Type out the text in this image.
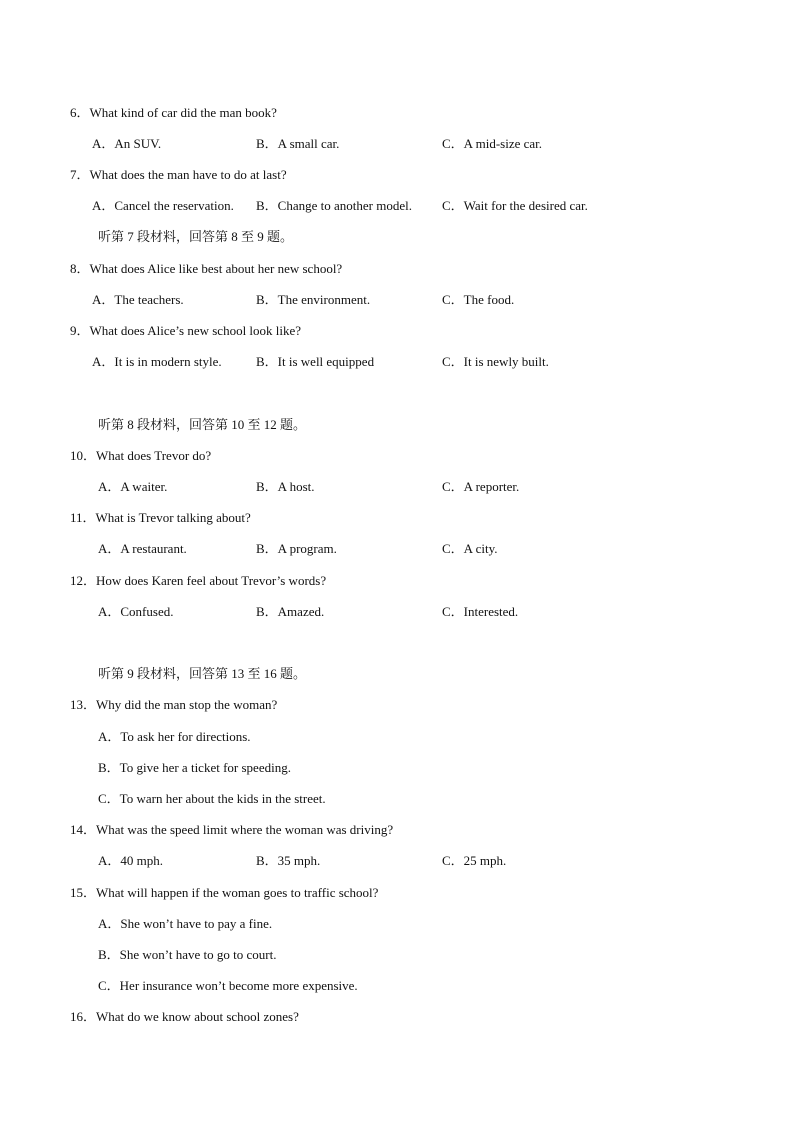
6．What kind of car did the man book?
A．An SUV.	B．A small car.	C．A mid-size car.
7．What does the man have to do at last?
A．Cancel the reservation. B．Change to another model. C．Wait for the desired car.
听第 7 段材料，回答第 8 至 9 题。
8．What does Alice like best about her new school?
A．The teachers.	B．The environment.	C．The food.
9．What does Alice’s new school look like?
A．It is in modern style.	B．It is well equipped	C．It is newly built.
听第 8 段材料，回答第 10 至 12 题。
10．What does Trevor do?
A．A waiter.	B．A host.	C．A reporter.
11．What is Trevor talking about?
A．A restaurant.	B．A program.	C．A city.
12．How does Karen feel about Trevor’s words?
A．Confused.	B．Amazed.	C．Interested.
听第 9 段材料，回答第 13 至 16 题。
13．Why did the man stop the woman?
A．To ask her for directions.
B．To give her a ticket for speeding.
C．To warn her about the kids in the street.
14．What was the speed limit where the woman was driving?
A．40 mph.	B．35 mph.	C．25 mph.
15．What will happen if the woman goes to traffic school?
A．She won’t have to pay a fine.
B．She won’t have to go to court.
C．Her insurance won’t become more expensive.
16．What do we know about school zones?
